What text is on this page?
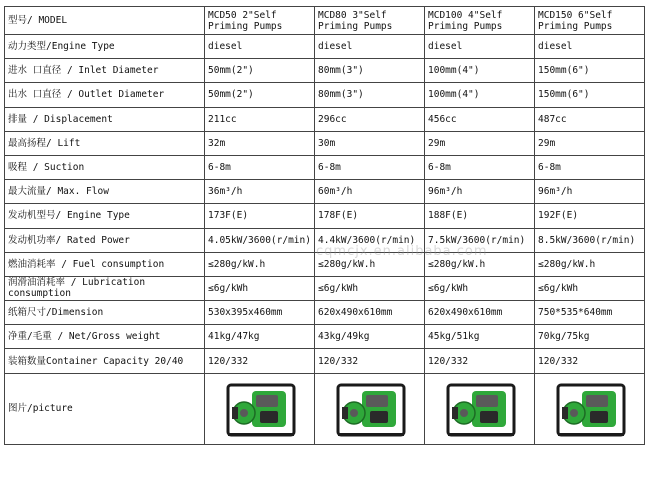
型号/ MODEL	MCD50 2"Self Priming Pumps	MCD80 3"Self Priming Pumps	MCD100 4"Self Priming Pumps	MCD150 6"Self Priming Pumps
动力类型/Engine Type	diesel	diesel	diesel	diesel
进水 口直径 / Inlet Diameter	50mm(2")	80mm(3")	100mm(4")	150mm(6")
出水 口直径 / Outlet Diameter	50mm(2")	80mm(3")	100mm(4")	150mm(6")
排量 / Displacement	211cc	296cc	456cc	487cc
最高扬程/ Lift	32m	30m	29m	29m
吸程 / Suction	6-8m	6-8m	6-8m	6-8m
最大流量/ Max. Flow	36m³/h	60m³/h	96m³/h	96m³/h
发动机型号/ Engine Type	173F(E)	178F(E)	188F(E)	192F(E)
发动机功率/ Rated Power	4.05kW/3600(r/min)	4.4kW/3600(r/min)	7.5kW/3600(r/min)	8.5kW/3600(r/min)
燃油消耗率 / Fuel consumption	≤280g/kW.h	≤280g/kW.h	≤280g/kW.h	≤280g/kW.h
润滑油消耗率 / Lubrication consumption	≤6g/kWh	≤6g/kWh	≤6g/kWh	≤6g/kWh
纸箱尺寸/Dimension	530x395x460mm	620x490x610mm	620x490x610mm	750*535*640mm
净重/毛重 / Net/Gross weight	41kg/47kg	43kg/49kg	45kg/51kg	70kg/75kg
装箱数量Container Capacity 20/40	120/332	120/332	120/332	120/332
图片/picture	

cqmcjx.en.alibaba.com
